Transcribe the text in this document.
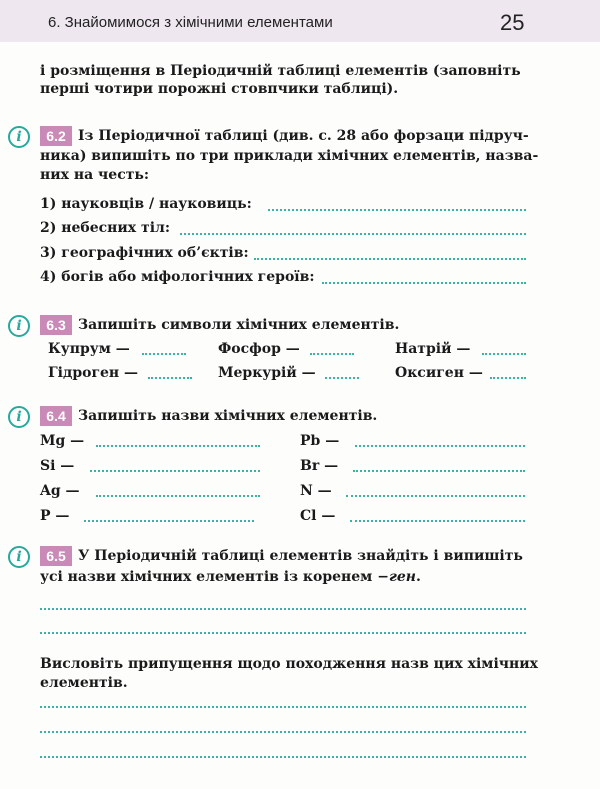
6. Знайомимося з хімічними елементами	25
і розміщення в Періодичній таблиці елементів (заповніть
перші чотири порожні стовпчики таблиці).
i	6.2 Із Періодичної таблиці (див. с. 28 або форзаци підруч-
ника) випишіть по три приклади хімічних елементів, назва-
них на честь:
1) науковців / науковиць:
2) небесних тіл:
3) географічних об’єктів:
4) богів або міфологічних героїв:
i	6.3 Запишіть символи хімічних елементів.
Купрум —	Фосфор —	Натрій —
Гідроген —	Меркурій —	Оксиген —
i	6.4 Запишіть назви хімічних елементів.
Mg —	Pb —
Si —	Br —
Ag —	N —
P —	Cl —
i	6.5 У Періодичній таблиці елементів знайдіть і випишіть
усі назви хімічних елементів із коренем −ген.
Висловіть припущення щодо походження назв цих хімічних
елементів.
